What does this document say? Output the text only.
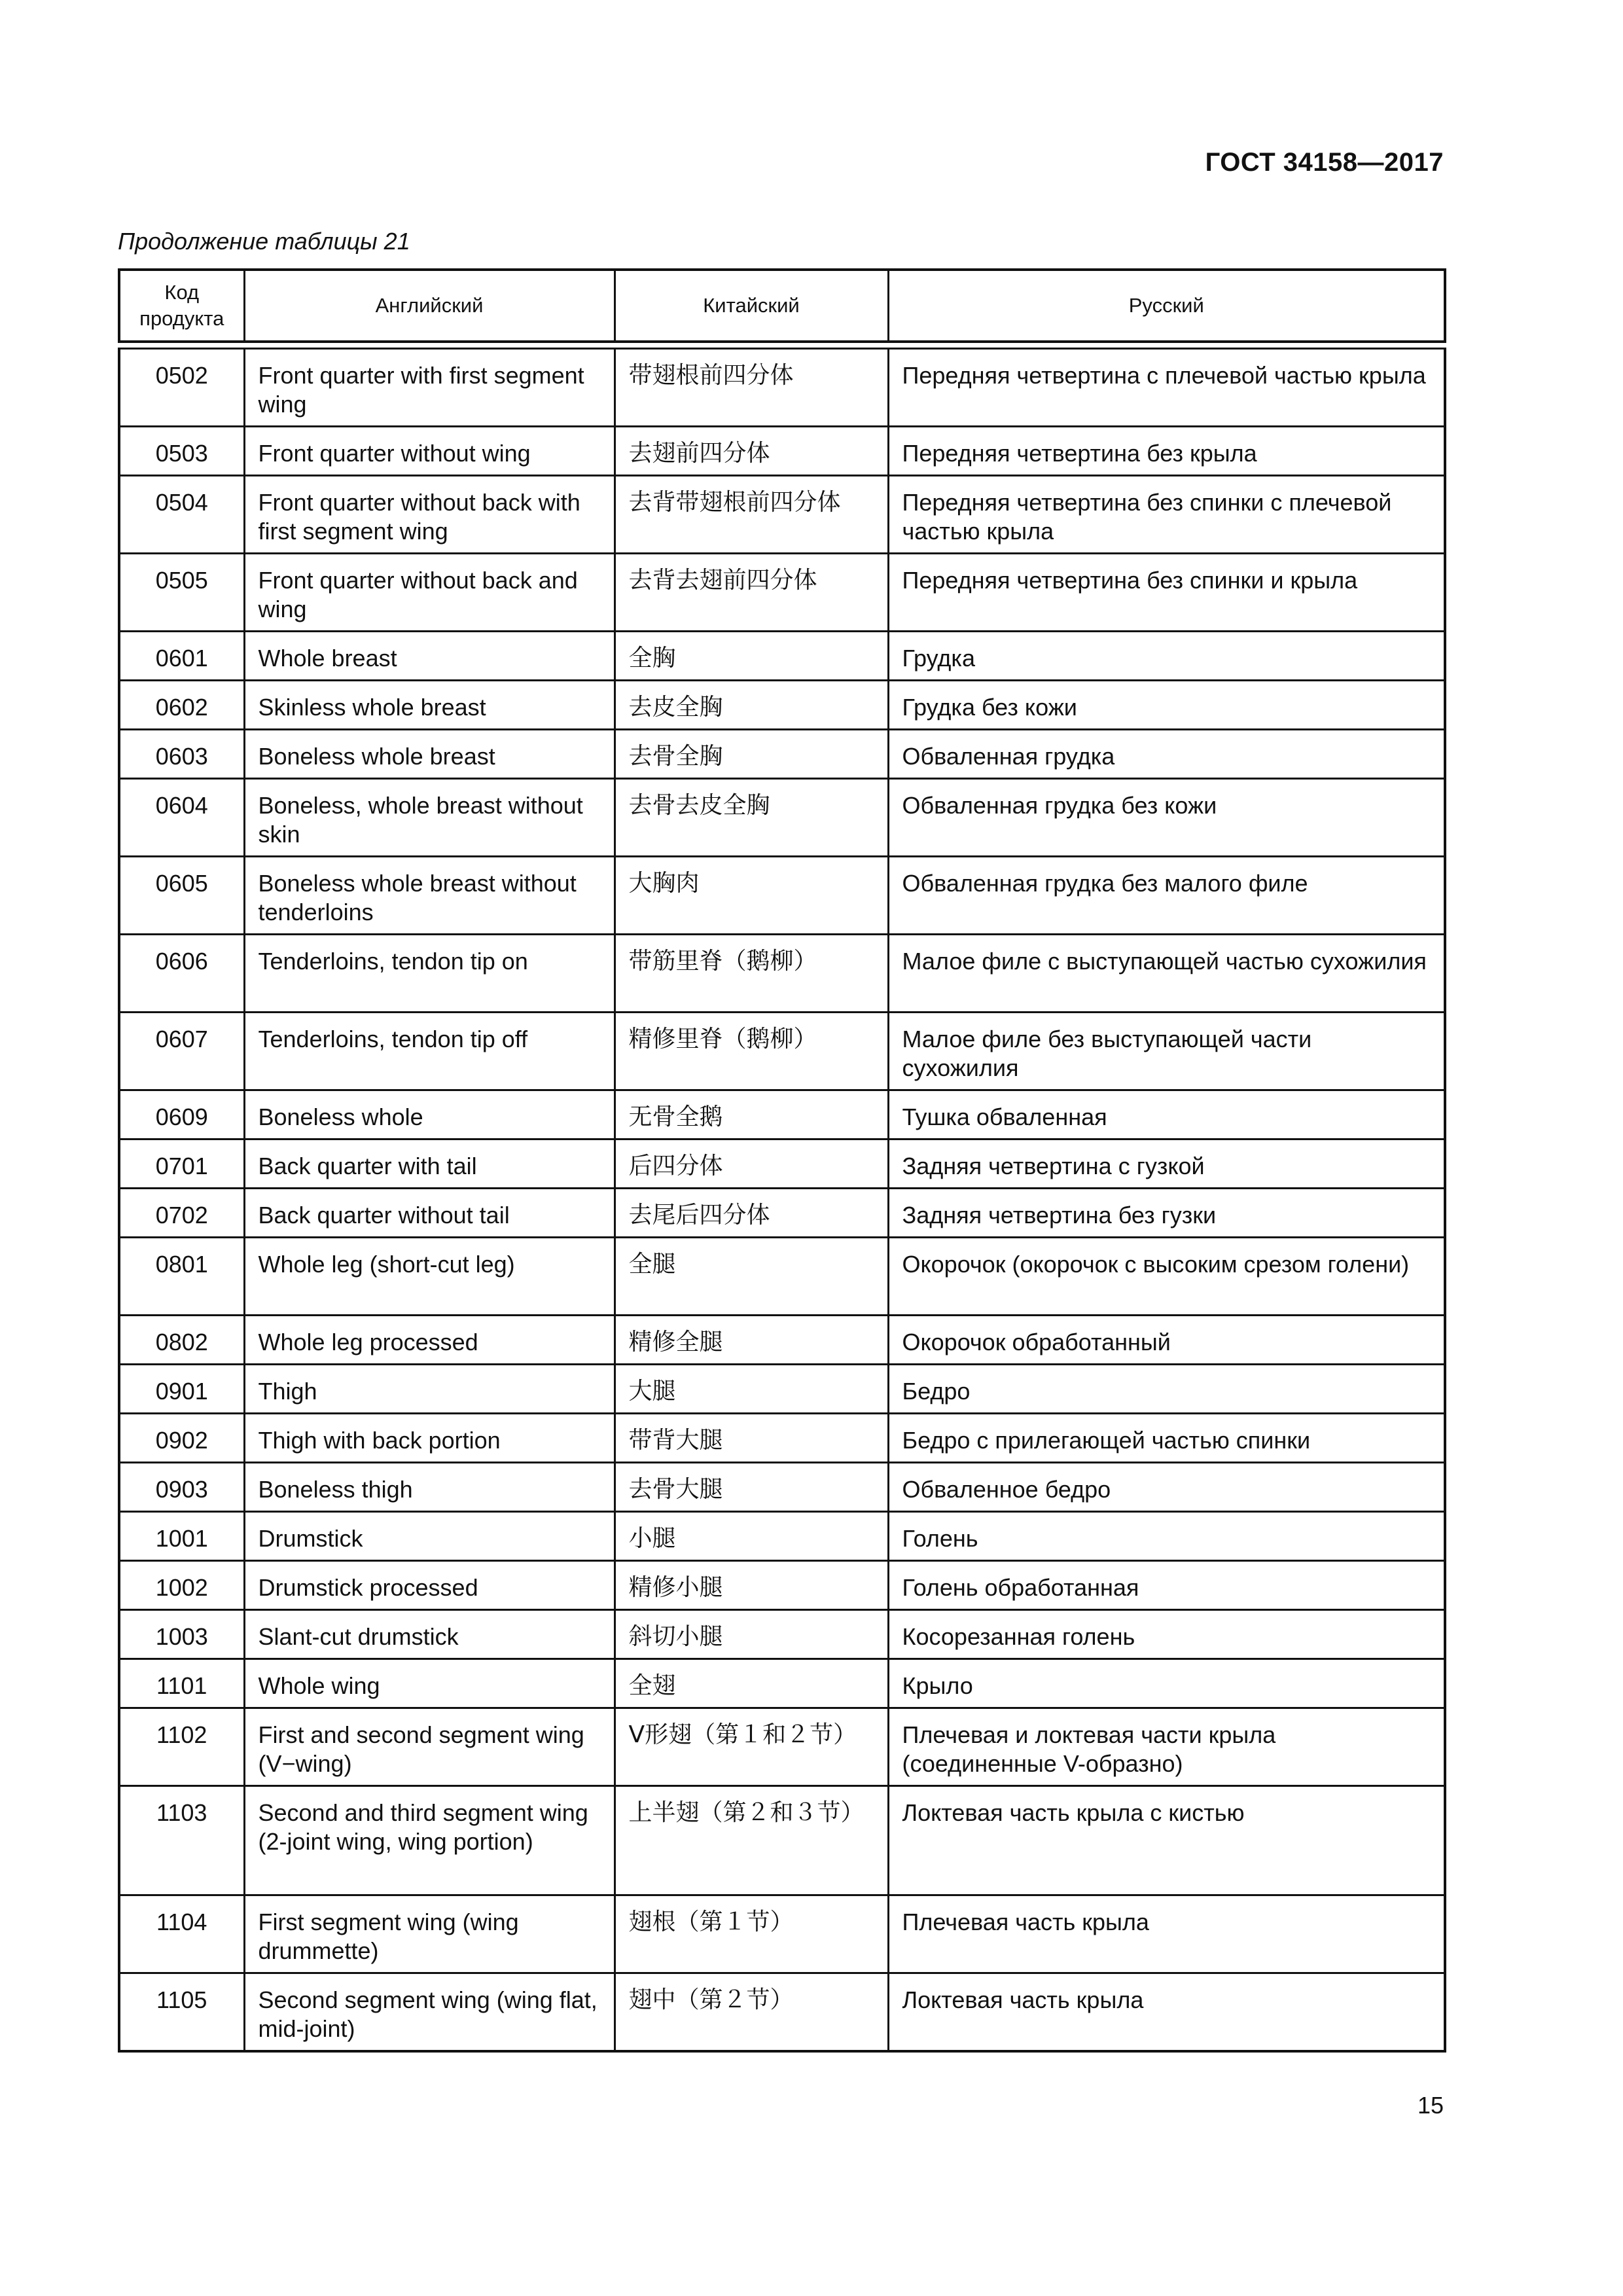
ГОСТ 34158—2017
Продолжение таблицы 21
Код продукта	Английский	Китайский	Русский
0502	Front quarter with first segment wing	带翅根前四分体	Передняя четвертина с плечевой частью крыла
0503	Front quarter without wing	去翅前四分体	Передняя четвертина без крыла
0504	Front quarter without back with first segment wing	去背带翅根前四分体	Передняя четвертина без спинки с плечевой частью крыла
0505	Front quarter without back and wing	去背去翅前四分体	Передняя четвертина без спинки и крыла
0601	Whole breast	全胸	Грудка
0602	Skinless whole breast	去皮全胸	Грудка без кожи
0603	Boneless whole breast	去骨全胸	Обваленная грудка
0604	Boneless, whole breast without skin	去骨去皮全胸	Обваленная грудка без кожи
0605	Boneless whole breast without tenderloins	大胸肉	Обваленная грудка без малого филе
0606	Tenderloins, tendon tip on	带筋里脊（鹅柳）	Малое филе с выступающей частью сухожилия
0607	Tenderloins, tendon tip off	精修里脊（鹅柳）	Малое филе без выступающей части сухожилия
0609	Boneless whole	无骨全鹅	Тушка обваленная
0701	Back quarter with tail	后四分体	Задняя четвертина с гузкой
0702	Back quarter without tail	去尾后四分体	Задняя четвертина без гузки
0801	Whole leg (short-cut leg)	全腿	Окорочок (окорочок с высоким срезом голени)
0802	Whole leg processed	精修全腿	Окорочок обработанный
0901	Thigh	大腿	Бедро
0902	Thigh with back portion	带背大腿	Бедро с прилегающей частью спинки
0903	Boneless thigh	去骨大腿	Обваленное бедро
1001	Drumstick	小腿	Голень
1002	Drumstick processed	精修小腿	Голень обработанная
1003	Slant-cut drumstick	斜切小腿	Косорезанная голень
1101	Whole wing	全翅	Крыло
1102	First and second segment wing (V−wing)	V形翅（第１和２节）	Плечевая и локтевая части крыла (соединенные V-образно)
1103	Second and third segment wing (2-joint wing, wing portion)	上半翅（第２和３节）	Локтевая часть крыла с кистью
1104	First segment wing (wing drummette)	翅根（第１节）	Плечевая часть крыла
1105	Second segment wing (wing flat, mid-joint)	翅中（第２节）	Локтевая часть крыла
15
